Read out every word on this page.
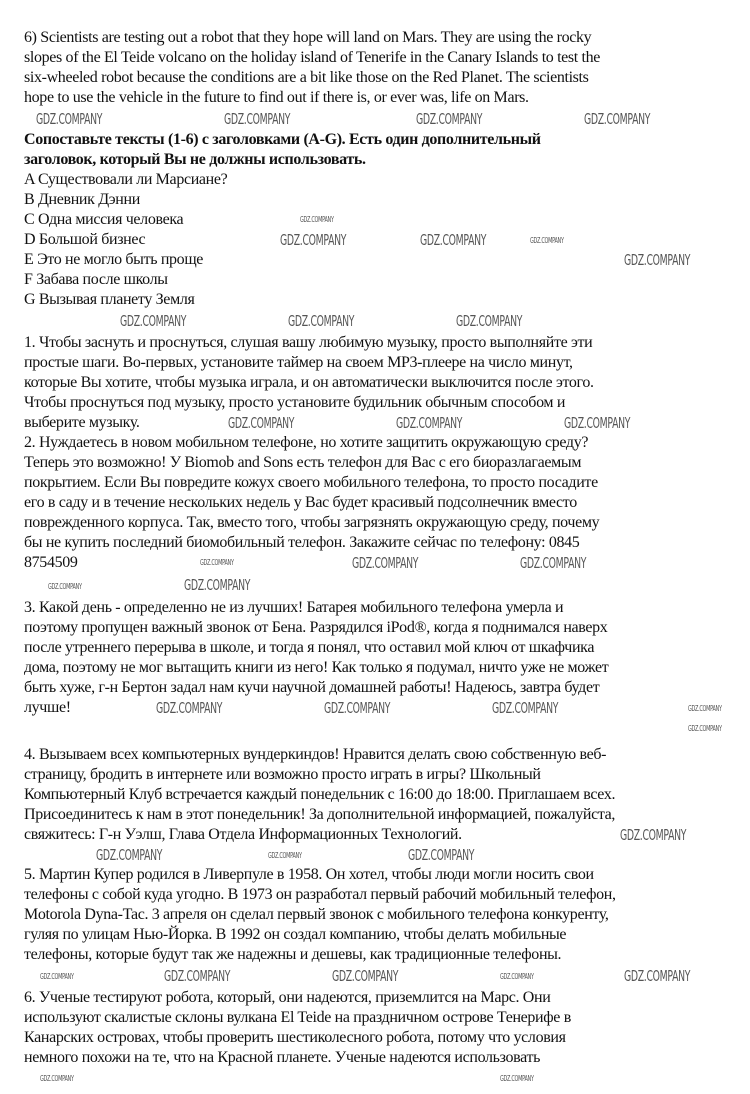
6) Scientists are testing out a robot that they hope will land on Mars. They are using the rocky
slopes of the El Teide volcano on the holiday island of Tenerife in the Canary Islands to test the
six-wheeled robot because the conditions are a bit like those on the Red Planet. The scientists
hope to use the vehicle in the future to find out if there is, or ever was, life on Mars.
Сопоставьте тексты (1-6) с заголовками (A-G). Есть один дополнительный
заголовок, который Вы не должны использовать.
A Существовали ли Марсиане?
B Дневник Дэнни
C Одна миссия человека
D Большой бизнес
E Это не могло быть проще
F Забава после школы
G Вызывая планету Земля
1. Чтобы заснуть и проснуться, слушая вашу любимую музыку, просто выполняйте эти
простые шаги. Во-первых, установите таймер на своем MP3-плеере на число минут,
которые Вы хотите, чтобы музыка играла, и он автоматически выключится после этого.
Чтобы проснуться под музыку, просто установите будильник обычным способом и
выберите музыку.
2. Нуждаетесь в новом мобильном телефоне, но хотите защитить окружающую среду?
Теперь это возможно! У Biomob and Sons есть телефон для Вас с его биоразлагаемым
покрытием. Если Вы повредите кожух своего мобильного телефона, то просто посадите
его в саду и в течение нескольких недель у Вас будет красивый подсолнечник вместо
поврежденного корпуса. Так, вместо того, чтобы загрязнять окружающую среду, почему
бы не купить последний биомобильный телефон. Закажите сейчас по телефону: 0845
8754509
3. Какой день - определенно не из лучших! Батарея мобильного телефона умерла и
поэтому пропущен важный звонок от Бена. Разрядился iPod®, когда я поднимался наверх
после утреннего перерыва в школе, и тогда я понял, что оставил мой ключ от шкафчика
дома, поэтому не мог вытащить книги из него! Как только я подумал, ничто уже не может
быть хуже, г-н Бертон задал нам кучи научной домашней работы! Надеюсь, завтра будет
лучше!
4. Вызываем всех компьютерных вундеркиндов! Нравится делать свою собственную веб-
страницу, бродить в интернете или возможно просто играть в игры? Школьный
Компьютерный Клуб встречается каждый понедельник с 16:00 до 18:00. Приглашаем всех.
Присоединитесь к нам в этот понедельник! За дополнительной информацией, пожалуйста,
свяжитесь: Г-н Уэлш, Глава Отдела Информационных Технологий.
5. Мартин Купер родился в Ливерпуле в 1958. Он хотел, чтобы люди могли носить свои
телефоны с собой куда угодно. В 1973 он разработал первый рабочий мобильный телефон,
Motorola Dyna-Tac. 3 апреля он сделал первый звонок с мобильного телефона конкуренту,
гуляя по улицам Нью-Йорка. В 1992 он создал компанию, чтобы делать мобильные
телефоны, которые будут так же надежны и дешевы, как традиционные телефоны.
6. Ученые тестируют робота, который, они надеются, приземлится на Марс. Они
используют скалистые склоны вулкана El Teide на праздничном острове Тенерифе в
Канарских островах, чтобы проверить шестиколесного робота, потому что условия
немного похожи на те, что на Красной планете. Ученые надеются использовать
GDZ.COMPANY	GDZ.COMPANY	GDZ.COMPANY	GDZ.COMPANY
GDZ.COMPANY
GDZ.COMPANY	GDZ.COMPANY	GDZ.COMPANY
GDZ.COMPANY
GDZ.COMPANY	GDZ.COMPANY	GDZ.COMPANY
GDZ.COMPANY	GDZ.COMPANY	GDZ.COMPANY
GDZ.COMPANY	GDZ.COMPANY	GDZ.COMPANY
GDZ.COMPANY	GDZ.COMPANY
GDZ.COMPANY
GDZ.COMPANY	GDZ.COMPANY	GDZ.COMPANY	GDZ.COMPANY
GDZ.COMPANY
GDZ.COMPANY	GDZ.COMPANY	GDZ.COMPANY
GDZ.COMPANY
GDZ.COMPANY	GDZ.COMPANY	GDZ.COMPANY	GDZ.COMPANY
GDZ.COMPANY
GDZ.COMPANY
